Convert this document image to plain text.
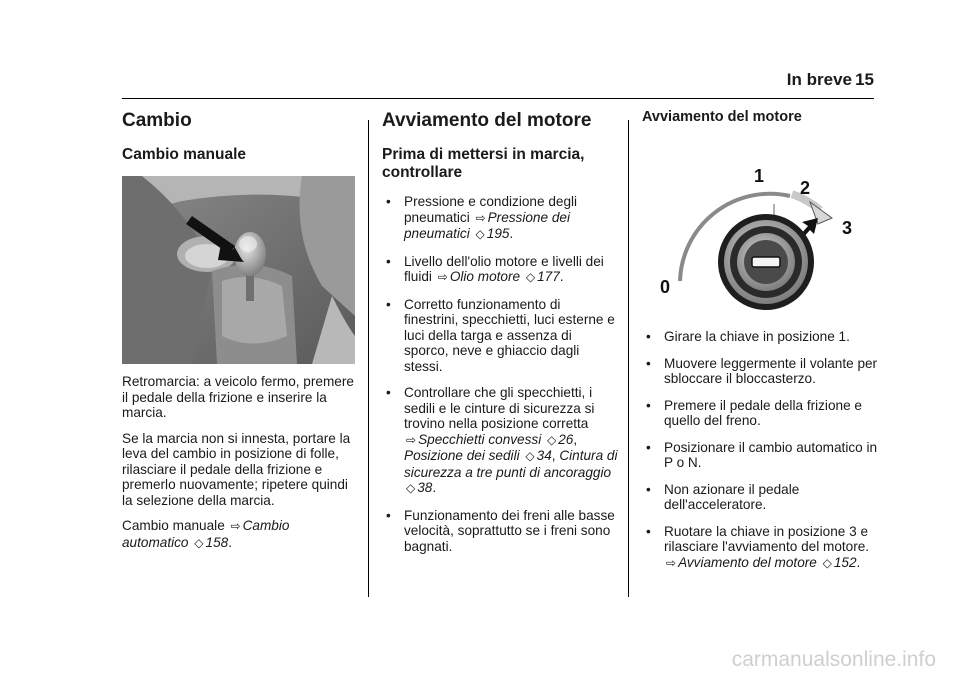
In breve 15
Cambio
Cambio manuale

Retromarcia: a veicolo fermo, premere il pedale della frizione e inserire la marcia.

Se la marcia non si innesta, portare la leva del cambio in posizione di folle, rilasciare il pedale della frizione e premerlo nuovamente; ripetere quindi la selezione della marcia.

Cambio manuale ⇨ Cambio automatico ◇ 158.

Avviamento del motore
Prima di mettersi in marcia, controllare
• Pressione e condizione degli pneumatici ⇨ Pressione dei pneumatici ◇ 195.
• Livello dell'olio motore e livelli dei fluidi ⇨ Olio motore ◇ 177.
• Corretto funzionamento di finestrini, specchietti, luci esterne e luci della targa e assenza di sporco, neve e ghiaccio dagli stessi.
• Controllare che gli specchietti, i sedili e le cinture di sicurezza si trovino nella posizione corretta ⇨ Specchietti convessi ◇ 26, Posizione dei sedili ◇ 34, Cintura di sicurezza a tre punti di ancoraggio ◇ 38.
• Funzionamento dei freni alle basse velocità, soprattutto se i freni sono bagnati.
Avviamento del motore
0
1
2
3
• Girare la chiave in posizione 1.
• Muovere leggermente il volante per sbloccare il bloccasterzo.
• Premere il pedale della frizione e quello del freno.
• Posizionare il cambio automatico in P o N.
• Non azionare il pedale dell'acceleratore.
• Ruotare la chiave in posizione 3 e rilasciare l'avviamento del motore. ⇨ Avviamento del motore ◇ 152.
carmanualsonline.info
